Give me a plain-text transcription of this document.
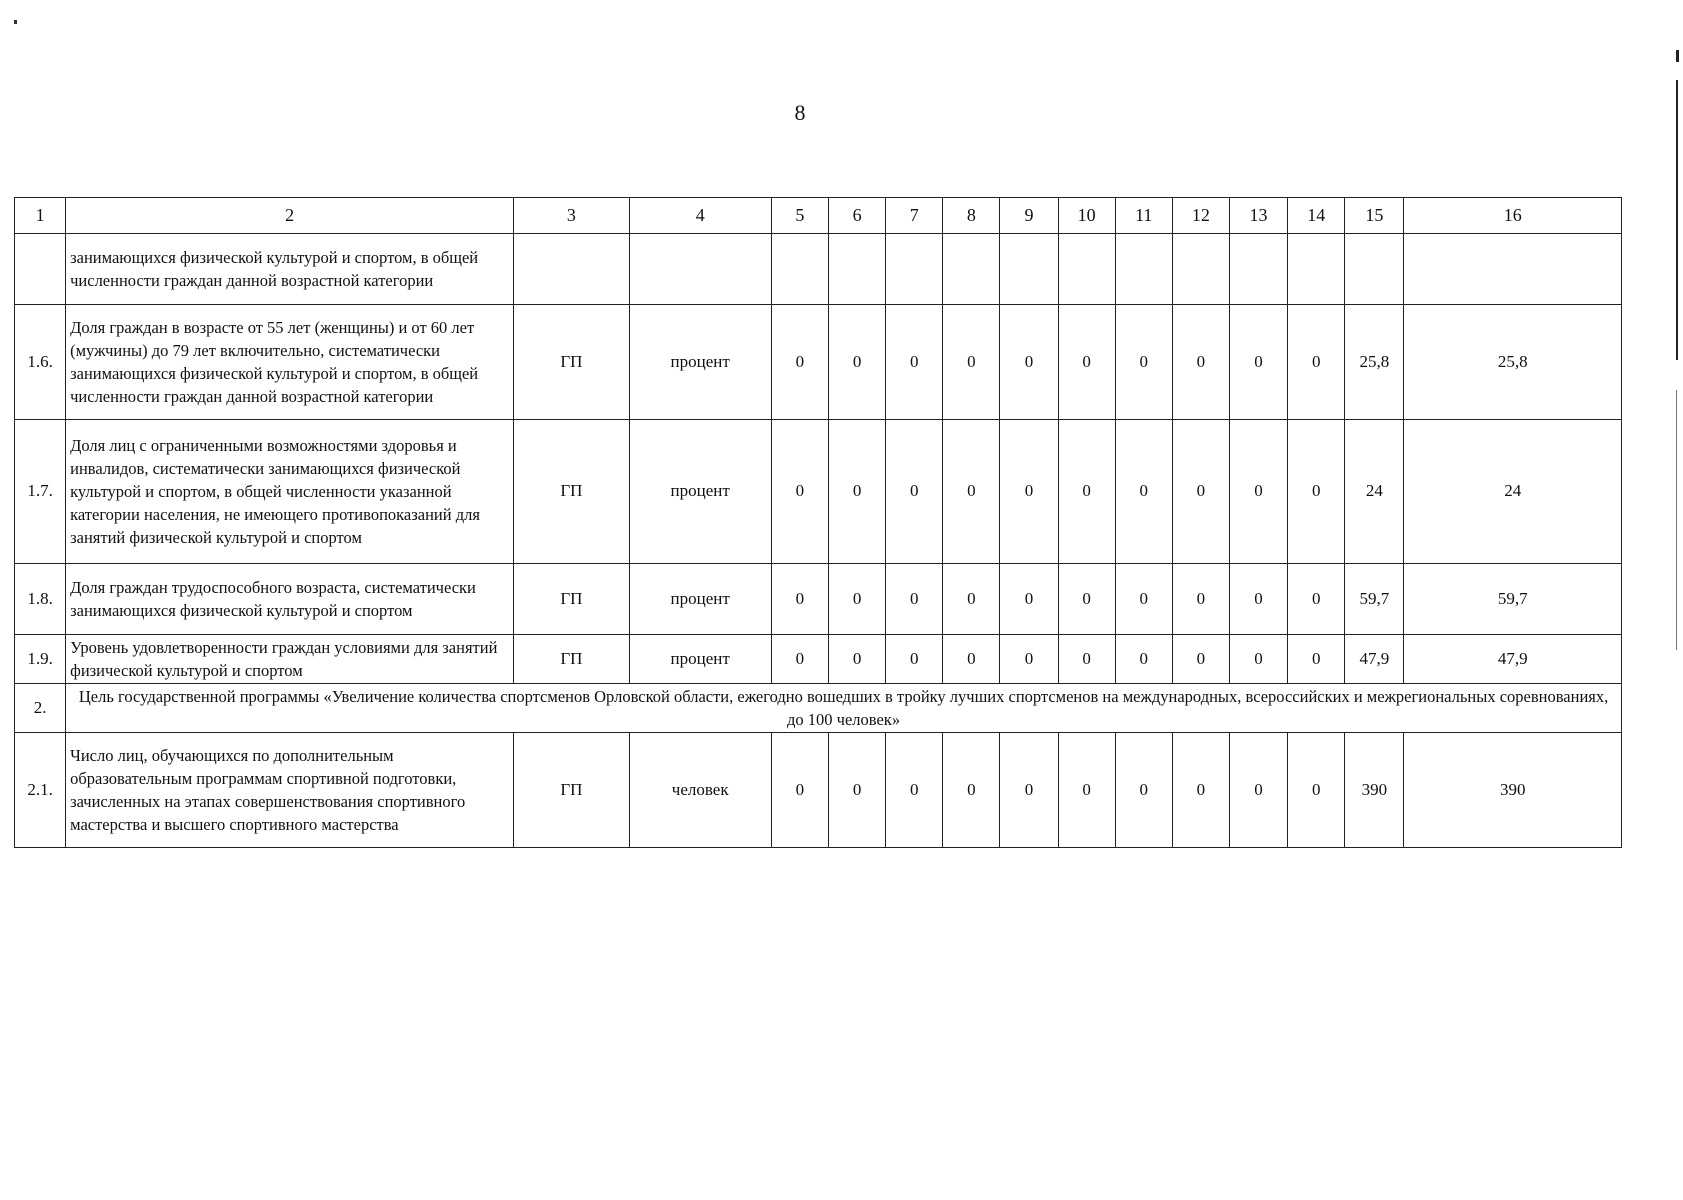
8
1	2	3	4	5	6	7	8	9	10	11	12	13	14	15	16
	занимающихся физической культурой и спортом, в общей численности граждан данной возрастной категории														
1.6.	Доля граждан в возрасте от 55 лет (женщины) и от 60 лет (мужчины) до 79 лет включительно, систематически занимающихся физической культурой и спортом, в общей численности граждан данной возрастной категории	ГП	процент	0	0	0	0	0	0	0	0	0	0	25,8	25,8
1.7.	Доля лиц с ограниченными возможностями здоровья и инвалидов, систематически занимающихся физической культурой и спортом, в общей численности указанной категории населения, не имеющего противопоказаний для занятий физической культурой и спортом	ГП	процент	0	0	0	0	0	0	0	0	0	0	24	24
1.8.	Доля граждан трудоспособного возраста, систематически занимающихся физической культурой и спортом	ГП	процент	0	0	0	0	0	0	0	0	0	0	59,7	59,7
1.9.	Уровень удовлетворенности граждан условиями для занятий физической культурой и спортом	ГП	процент	0	0	0	0	0	0	0	0	0	0	47,9	47,9
2.	Цель государственной программы «Увеличение количества спортсменов Орловской области, ежегодно вошедших в тройку лучших спортсменов на международных, всероссийских и межрегиональных соревнованиях, до 100 человек»														
2.1.	Число лиц, обучающихся по дополнительным образовательным программам спортивной подготовки, зачисленных на этапах совершенствования спортивного мастерства и высшего спортивного мастерства	ГП	человек	0	0	0	0	0	0	0	0	0	0	390	390
